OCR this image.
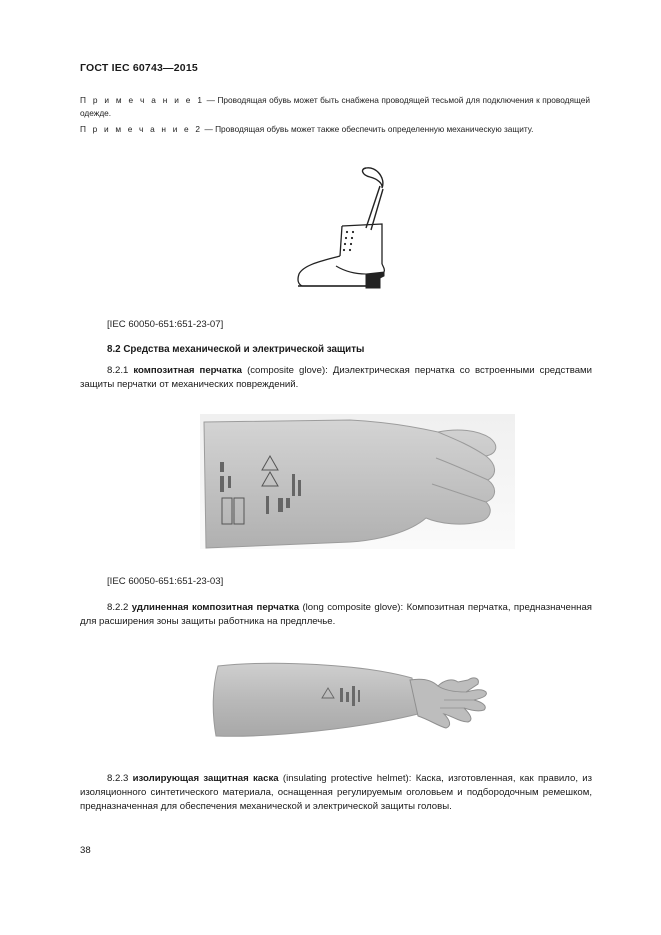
ГОСТ IEC 60743—2015
П р и м е ч а н и е 1 — Проводящая обувь может быть снабжена проводящей тесьмой для подключения к проводящей одежде.
П р и м е ч а н и е 2 — Проводящая обувь может также обеспечить определенную механическую защиту.
[IEC 60050-651:651-23-07]
8.2 Средства механической и электрической защиты
8.2.1 композитная перчатка (composite glove): Диэлектрическая перчатка со встроенными средствами защиты перчатки от механических повреждений.
[IEC 60050-651:651-23-03]
8.2.2 удлиненная композитная перчатка (long composite glove): Композитная перчатка, предназначенная для расширения зоны защиты работника на предплечье.
8.2.3 изолирующая защитная каска (insulating protective helmet): Каска, изготовленная, как правило, из изоляционного синтетического материала, оснащенная регулируемым оголовьем и подбородочным ремешком, предназначенная для обеспечения механической и электрической защиты головы.
38
